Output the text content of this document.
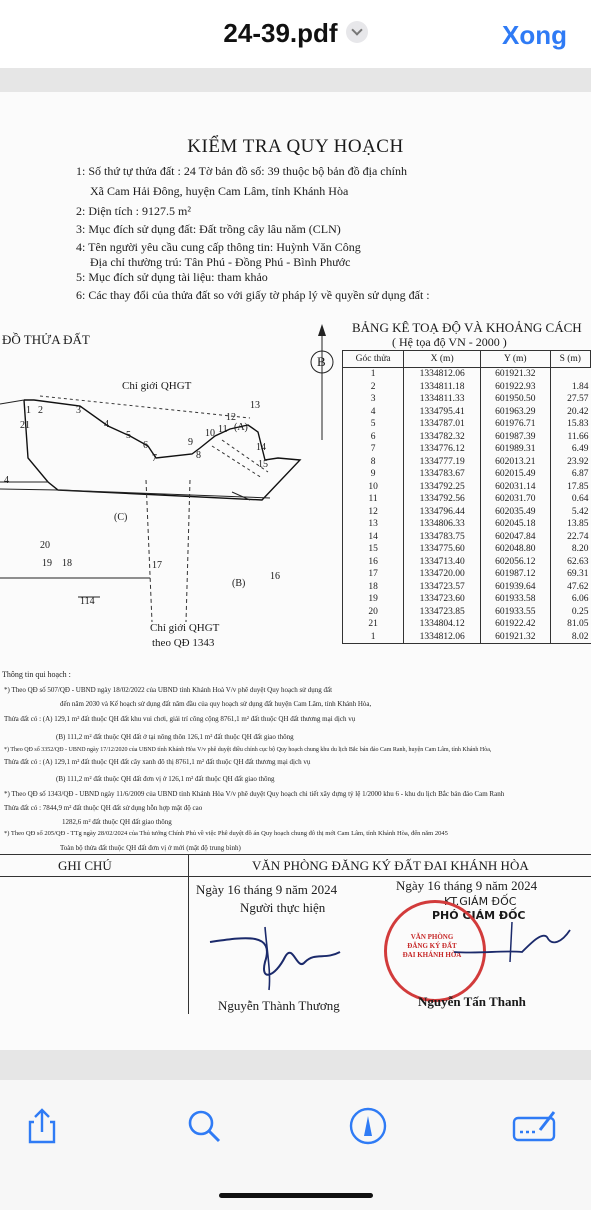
24-39.pdf	Xong
KIỂM TRA QUY HOẠCH
1: Số thứ tự thửa đất : 24 Tờ bản đồ số: 39 thuộc bộ bản đồ địa chính
Xã Cam Hải Đông, huyện Cam Lâm, tỉnh Khánh Hòa
2: Diện tích : 9127.5 m²
3: Mục đích sử dụng đất: Đất trồng cây lâu năm (CLN)
4: Tên người yêu cầu cung cấp thông tin: Huỳnh Văn Công
Địa chỉ thường trú: Tân Phú - Đồng Phú - Bình Phước
5: Mục đích sử dụng tài liệu: tham khảo
6: Các thay đổi của thửa đất so với giấy tờ pháp lý về quyền sử dụng đất :
ĐỒ THỬA ĐẤT
B
Chỉ giới QHGT
Chỉ giới QHGT
theo QĐ 1343
(C)
(A)
(B)
114
4
1 2	3
4
5
6
7	8
9
10 11
12
13
14
15
16
17
18
19
20
21
BẢNG KÊ TOẠ ĐỘ VÀ KHOẢNG CÁCH
( Hệ tọa độ VN - 2000 )
Góc thửa	X (m)	Y (m)	S (m)
1	1334812.06	601921.32	
2	1334811.18	601922.93	1.84
3	1334811.33	601950.50	27.57
4	1334795.41	601963.29	20.42
5	1334787.01	601976.71	15.83
6	1334782.32	601987.39	11.66
7	1334776.12	601989.31	6.49
8	1334777.19	602013.21	23.92
9	1334783.67	602015.49	6.87
10	1334792.25	602031.14	17.85
11	1334792.56	602031.70	0.64
12	1334796.44	602035.49	5.42
13	1334806.33	602045.18	13.85
14	1334783.75	602047.84	22.74
15	1334775.60	602048.80	8.20
16	1334713.40	602056.12	62.63
17	1334720.00	601987.12	69.31
18	1334723.57	601939.64	47.62
19	1334723.60	601933.58	6.06
20	1334723.85	601933.55	0.25
21	1334804.12	601922.42	81.05
1	1334812.06	601921.32	8.02
Thông tin qui hoạch :
*) Theo QĐ số 507/QĐ - UBND ngày 18/02/2022 của UBND tỉnh Khánh Hoà V/v phê duyệt Quy hoạch sử dụng đất
đến năm 2030 và Kế hoạch sử dụng đất năm đầu của quy hoạch sử dụng đất huyện Cam Lâm, tỉnh Khánh Hòa,
Thửa đất có : (A) 129,1 m² đất thuộc QH đất khu vui chơi, giải trí công cộng 8761,1 m² đất thuộc QH đất thương mại dịch vụ
(B) 111,2 m² đất thuộc QH đất ở tại nông thôn 126,1 m² đất thuộc QH đất giao thông
*) Theo QĐ số 3352/QĐ - UBND ngày 17/12/2020 của UBND tỉnh Khánh Hòa V/v phê duyệt điều chỉnh cục bộ Quy hoạch chung khu du lịch Bắc bán đảo Cam Ranh, huyện Cam Lâm, tỉnh Khánh Hòa,
Thửa đất có : (A) 129,1 m² đất thuộc QH đất cây xanh đô thị 8761,1 m² đất thuộc QH đất thương mại dịch vụ
(B) 111,2 m² đất thuộc QH đất đơn vị ở 126,1 m² đất thuộc QH đất giao thông
*) Theo QĐ số 1343/QĐ - UBND ngày 11/6/2009 của UBND tỉnh Khánh Hòa V/v phê duyệt Quy hoạch chi tiết xây dựng tỷ lệ 1/2000 khu 6 - khu du lịch Bắc bán đảo Cam Ranh
Thửa đất có : 7844,9 m² đất thuộc QH đất sử dụng hỗn hợp mật độ cao
1282,6 m² đất thuộc QH đất giao thông
*) Theo QĐ số 205/QĐ - TTg ngày 28/02/2024 của Thủ tướng Chính Phủ về việc Phê duyệt đồ án Quy hoạch chung đô thị mới Cam Lâm, tỉnh Khánh Hòa, đến năm 2045
Toàn bộ thửa đất thuộc QH đất đơn vị ở mới (mật độ trung bình)
GHI CHÚ	VĂN PHÒNG ĐĂNG KÝ ĐẤT ĐAI KHÁNH HÒA
Ngày 16 tháng 9 năm 2024
Người thực hiện
Nguyễn Thành Thương
Ngày 16 tháng 9 năm 2024
KT.GIÁM ĐỐC
PHÓ GIÁM ĐỐC
VĂN PHÒNG ĐĂNG KÝ ĐẤT ĐAI KHÁNH HÒA
Nguyễn Tấn Thanh
